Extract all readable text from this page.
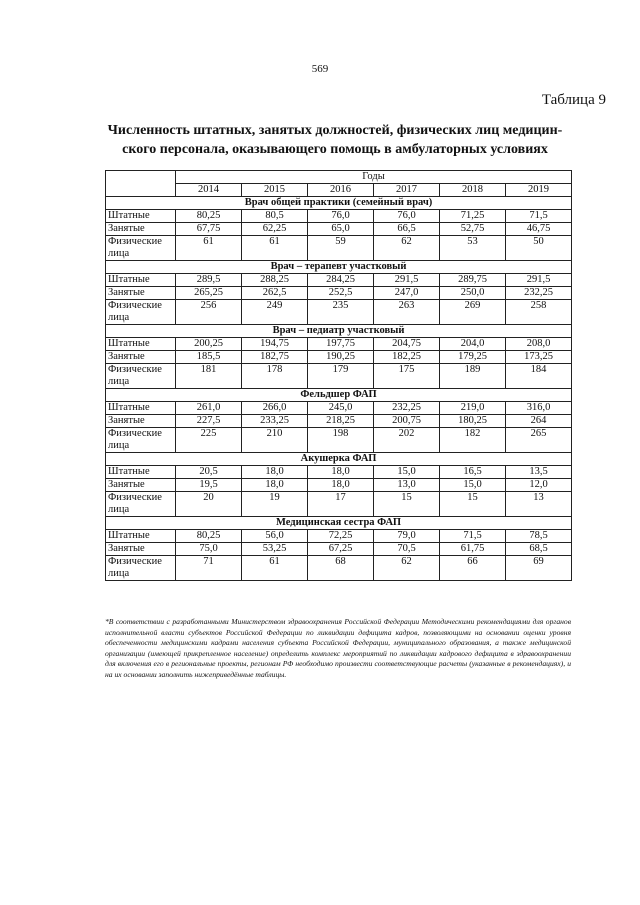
569
Таблица 9
Численность штатных, занятых должностей, физических лиц медицин-
ского персонала, оказывающего помощь в амбулаторных условиях
	Годы					
	2014	2015	2016	2017	2018	2019
Врач общей практики (семейный врач)						
Штатные	80,25	80,5	76,0	76,0	71,25	71,5
Занятые	67,75	62,25	65,0	66,5	52,75	46,75

Физические
лица	61	61	59	62	53	50
Врач – терапевт участковый						
Штатные	289,5	288,25	284,25	291,5	289,75	291,5
Занятые	265,25	262,5	252,5	247,0	250,0	232,25

Физические
лица	256	249	235	263	269	258
Врач – педиатр участковый						
Штатные	200,25	194,75	197,75	204,75	204,0	208,0
Занятые	185,5	182,75	190,25	182,25	179,25	173,25

Физические
лица	181	178	179	175	189	184
Фельдшер ФАП						
Штатные	261,0	266,0	245,0	232,25	219,0	316,0
Занятые	227,5	233,25	218,25	200,75	180,25	264

Физические
лица	225	210	198	202	182	265
Акушерка ФАП						
Штатные	20,5	18,0	18,0	15,0	16,5	13,5
Занятые	19,5	18,0	18,0	13,0	15,0	12,0

Физические
лица	20	19	17	15	15	13
Медицинская сестра ФАП						
Штатные	80,25	56,0	72,25	79,0	71,5	78,5
Занятые	75,0	53,25	67,25	70,5	61,75	68,5

Физические
лица	71	61	68	62	66	69
*В соответствии с разработанными Министерством здравоохранения Российской Федерации Методическими рекомендациями для органов исполнительной власти субъектов Российской Федерации по ликвидации дефицита кадров, позволяющими на основании оценки уровня обеспеченности медицинскими кадрами населения субъекта Российской Федерации, муниципального образования, а также медицинской организации (имеющей прикрепленное население) определить комплекс мероприятий по ликвидации кадрового дефицита в здравоохранении для включения его в региональные проекты, регионам РФ необходимо произвести соответствующие расчеты (указанные в рекомендациях), и на их основании заполнить нижеприведённые таблицы.
